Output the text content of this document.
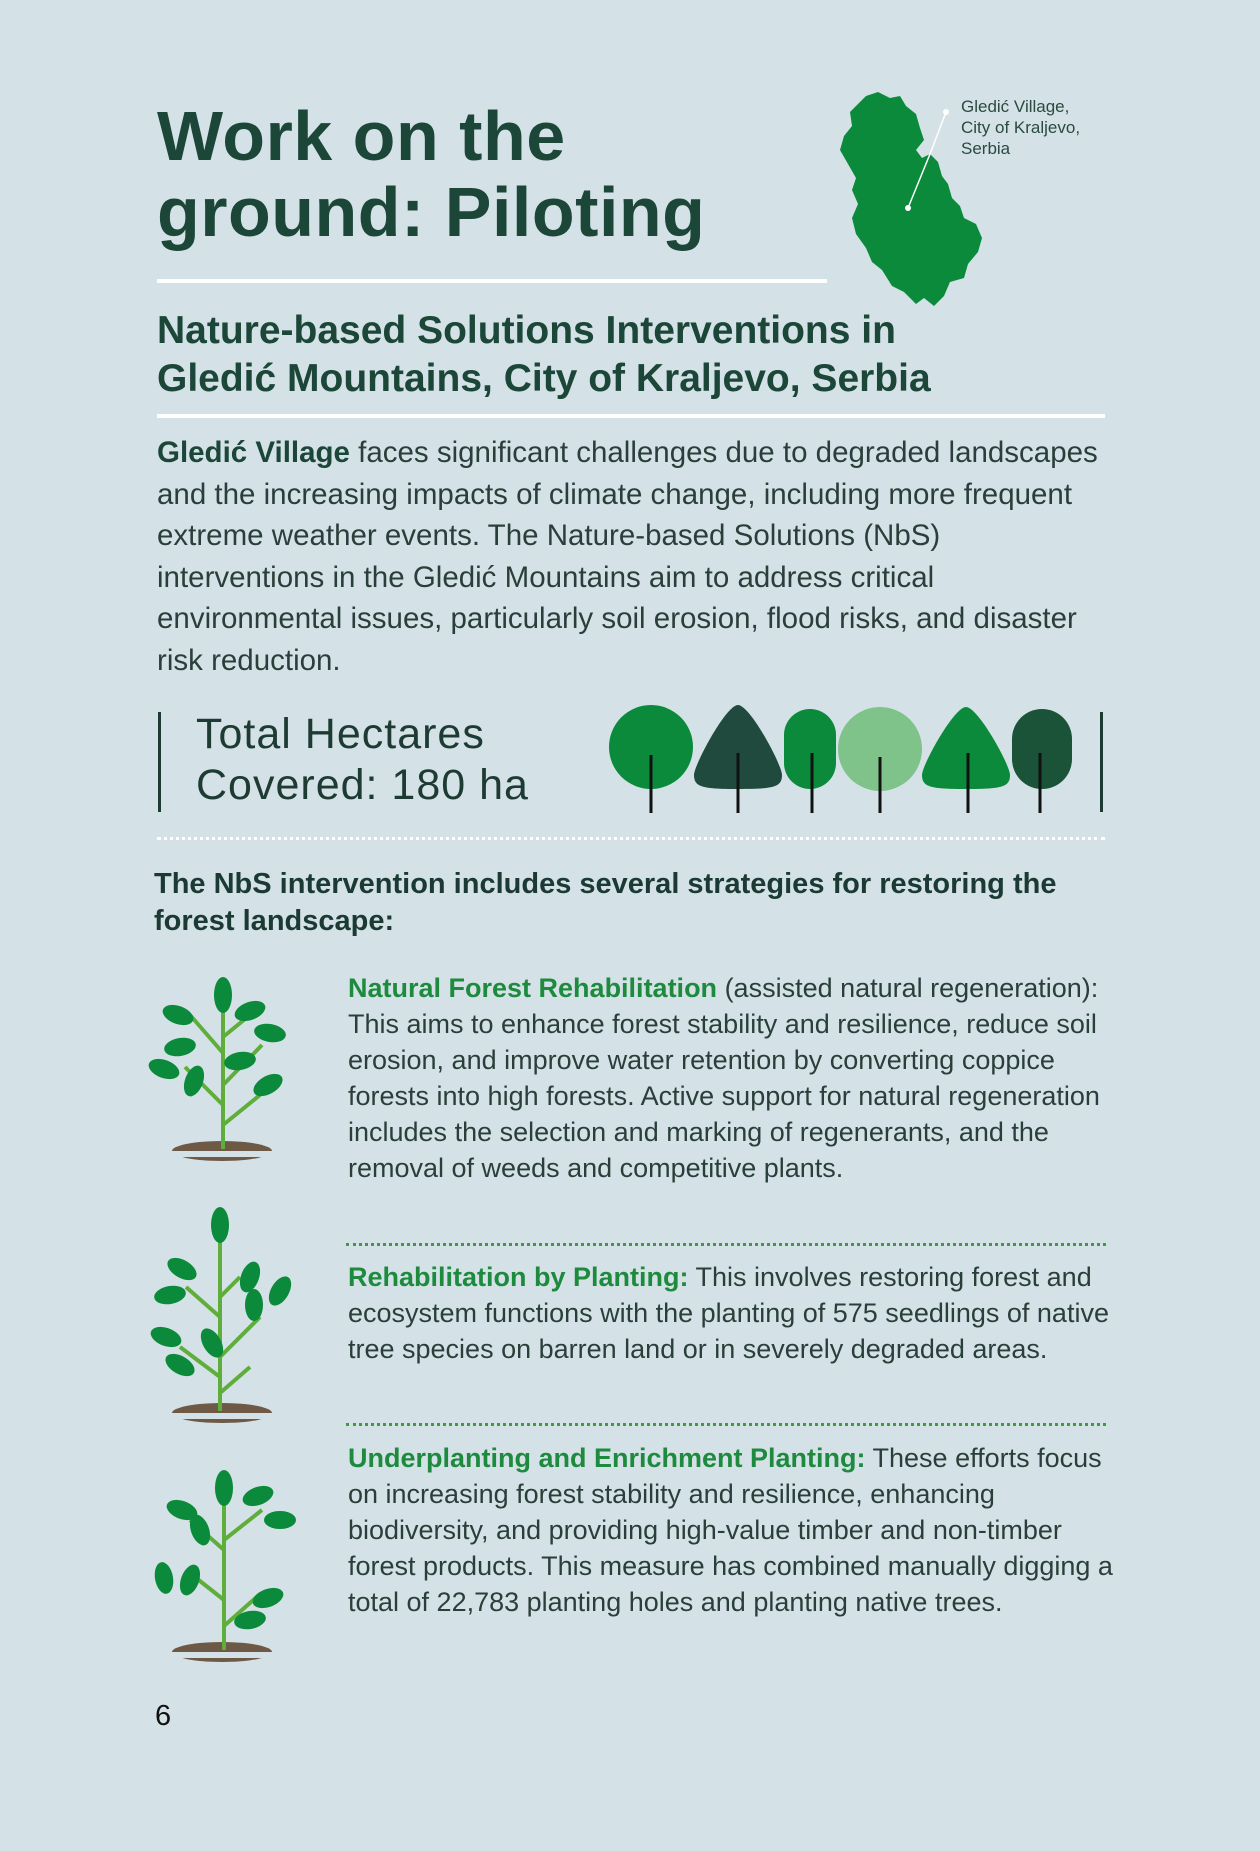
Work on the
ground: Piloting
Gledić Village,
City of Kraljevo,
Serbia
Nature-based Solutions Interventions in
Gledić Mountains, City of Kraljevo, Serbia

Gledić Village faces significant challenges due to degraded landscapes and the increasing impacts of climate change, including more frequent extreme weather events. The Nature-based Solutions (NbS) interventions in the Gledić Mountains aim to address critical environmental issues, particularly soil erosion, flood risks, and disaster risk reduction.

Total Hectares
Covered: 180 ha
The NbS intervention includes several strategies for restoring the forest landscape:

Natural Forest Rehabilitation (assisted natural regeneration): This aims to enhance forest stability and resilience, reduce soil erosion, and improve water retention by converting coppice forests into high forests. Active support for natural regeneration includes the selection and marking of regenerants, and the removal of weeds and competitive plants.

Rehabilitation by Planting: This involves restoring forest and ecosystem functions with the planting of 575 seedlings of native tree species on barren land or in severely degraded areas.

Underplanting and Enrichment Planting: These efforts focus on increasing forest stability and resilience, enhancing biodiversity, and providing high-value timber and non-timber forest products. This measure has combined manually digging a total of 22,783 planting holes and planting native trees.

6
